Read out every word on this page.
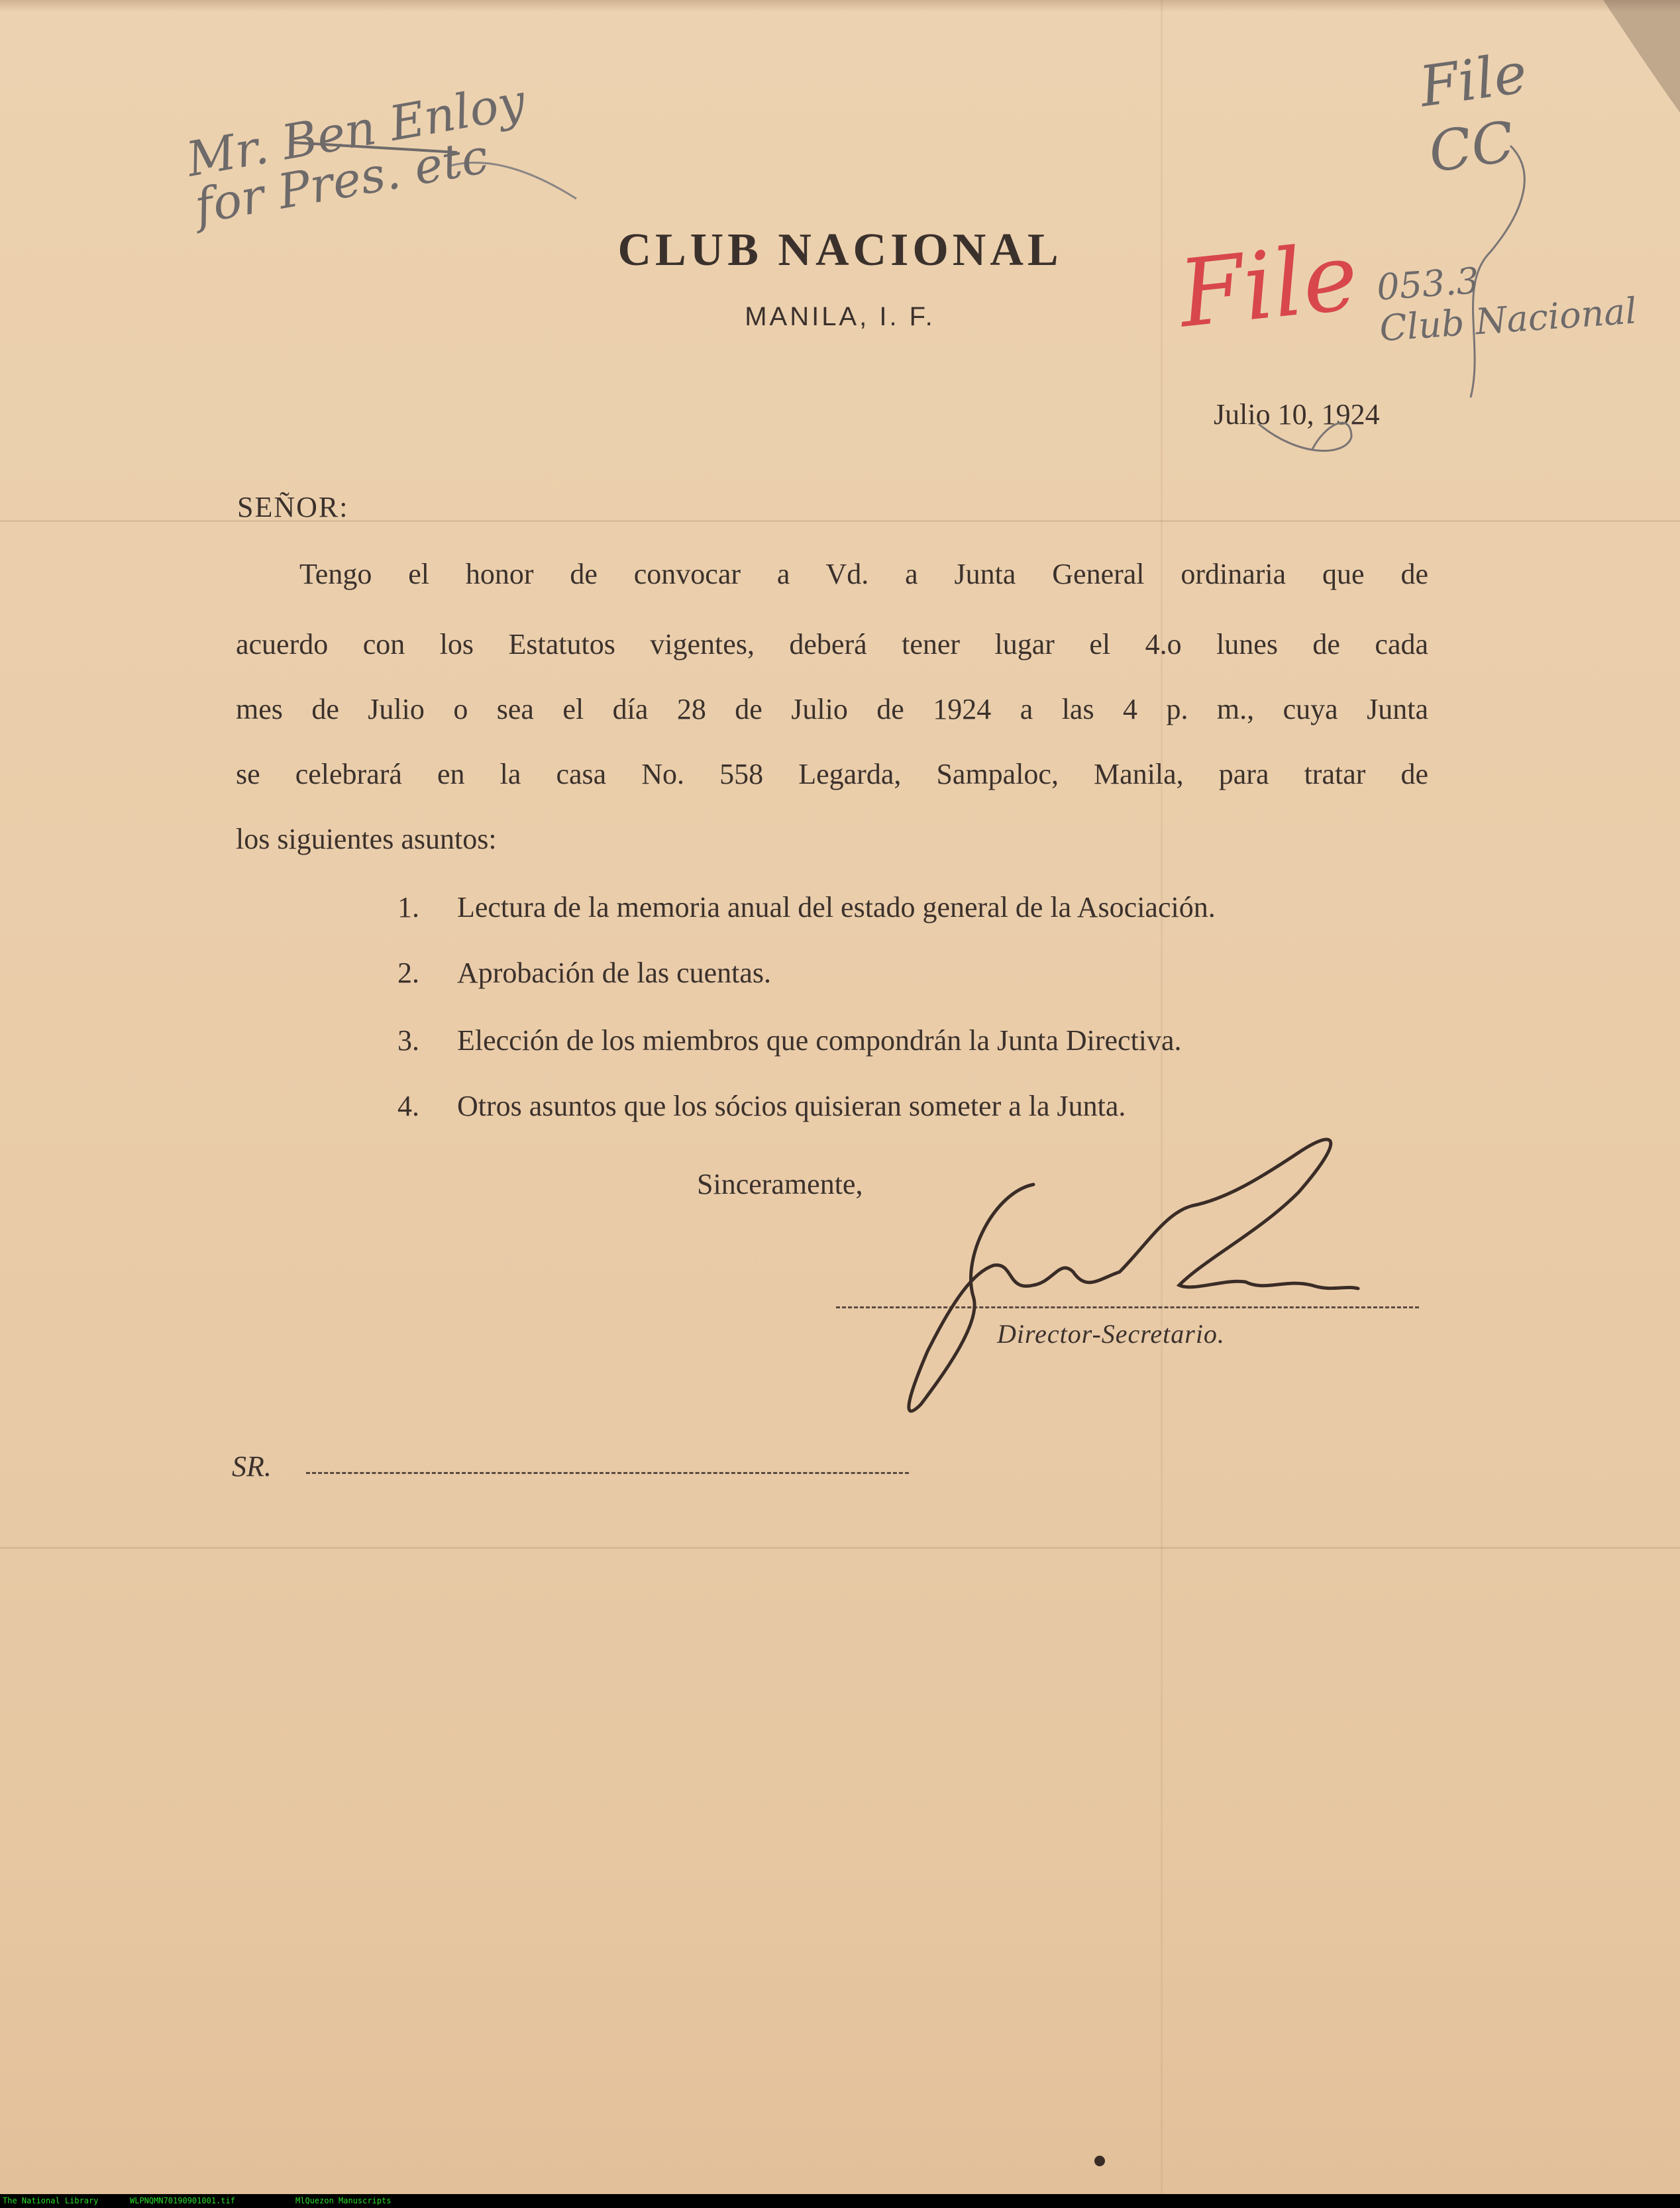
CLUB NACIONAL
MANILA, I. F.
Julio 10, 1924
SEÑOR:
Tengo el honor de convocar a Vd. a Junta General ordinaria que de
acuerdo con los Estatutos vigentes, deberá tener lugar el 4.o lunes de cada
mes de Julio o sea el día 28 de Julio de 1924 a las 4 p. m., cuya Junta
se celebrará en la casa No. 558 Legarda, Sampaloc, Manila, para tratar de
los siguientes asuntos:
1. Lectura de la memoria anual del estado general de la Asociación.
2. Aprobación de las cuentas.
3. Elección de los miembros que compondrán la Junta Directiva.
4. Otros asuntos que los sócios quisieran someter a la Junta.
Sinceramente,
Director-Secretario.
SR.
Mr. Ben Enloy
for Pres. etc
File
CC
File 053.3
Club Nacional
The National Library	WLPNQMN70190901001.tif	MlQuezon Manuscripts
